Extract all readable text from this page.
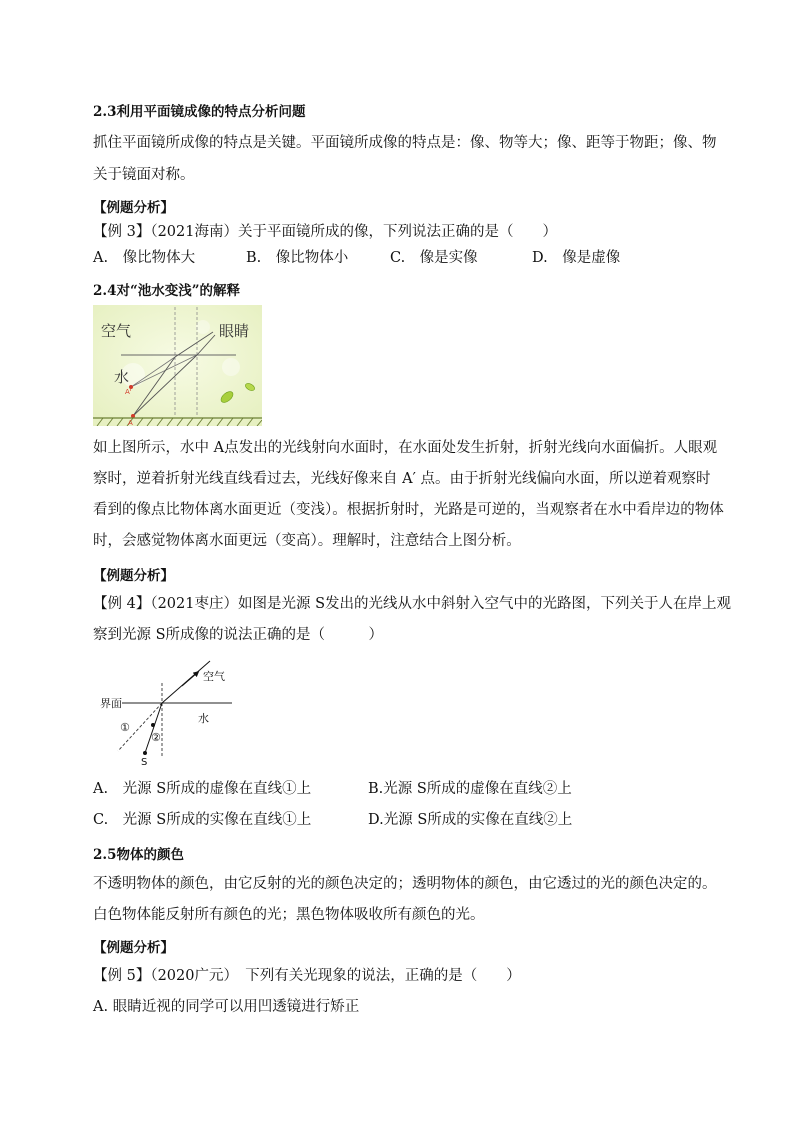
2.3利用平面镜成像的特点分析问题
抓住平面镜所成像的特点是关键。平面镜所成像的特点是：像、物等大；像、距等于物距；像、物
关于镜面对称。
【例题分析】
【例 3】（2021海南）关于平面镜所成的像，下列说法正确的是（　　）
A.　像比物体大	B.　像比物体小	C.　像是实像	D.　像是虚像
2.4对“池水变浅”的解释
空气	眼睛
水
A'
A
如上图所示，水中 A点发出的光线射向水面时，在水面处发生折射，折射光线向水面偏折。人眼观
察时，逆着折射光线直线看过去，光线好像来自 A′ 点。由于折射光线偏向水面，所以逆着观察时
看到的像点比物体离水面更近（变浅）。根据折射时，光路是可逆的，当观察者在水中看岸边的物体
时，会感觉物体离水面更远（变高）。理解时，注意结合上图分析。
【例题分析】
【例 4】（2021枣庄）如图是光源 S发出的光线从水中斜射入空气中的光路图，下列关于人在岸上观
察到光源 S所成像的说法正确的是（　　　）
空气
界面
水
①
②
S
A.　光源 S所成的虚像在直线①上	B.光源 S所成的虚像在直线②上
C.　光源 S所成的实像在直线①上	D.光源 S所成的实像在直线②上
2.5物体的颜色
不透明物体的颜色，由它反射的光的颜色决定的；透明物体的颜色，由它透过的光的颜色决定的。
白色物体能反射所有颜色的光；黑色物体吸收所有颜色的光。
【例题分析】
【例 5】（2020广元）　下列有关光现象的说法，正确的是（　　）
A. 眼睛近视的同学可以用凹透镜进行矫正
